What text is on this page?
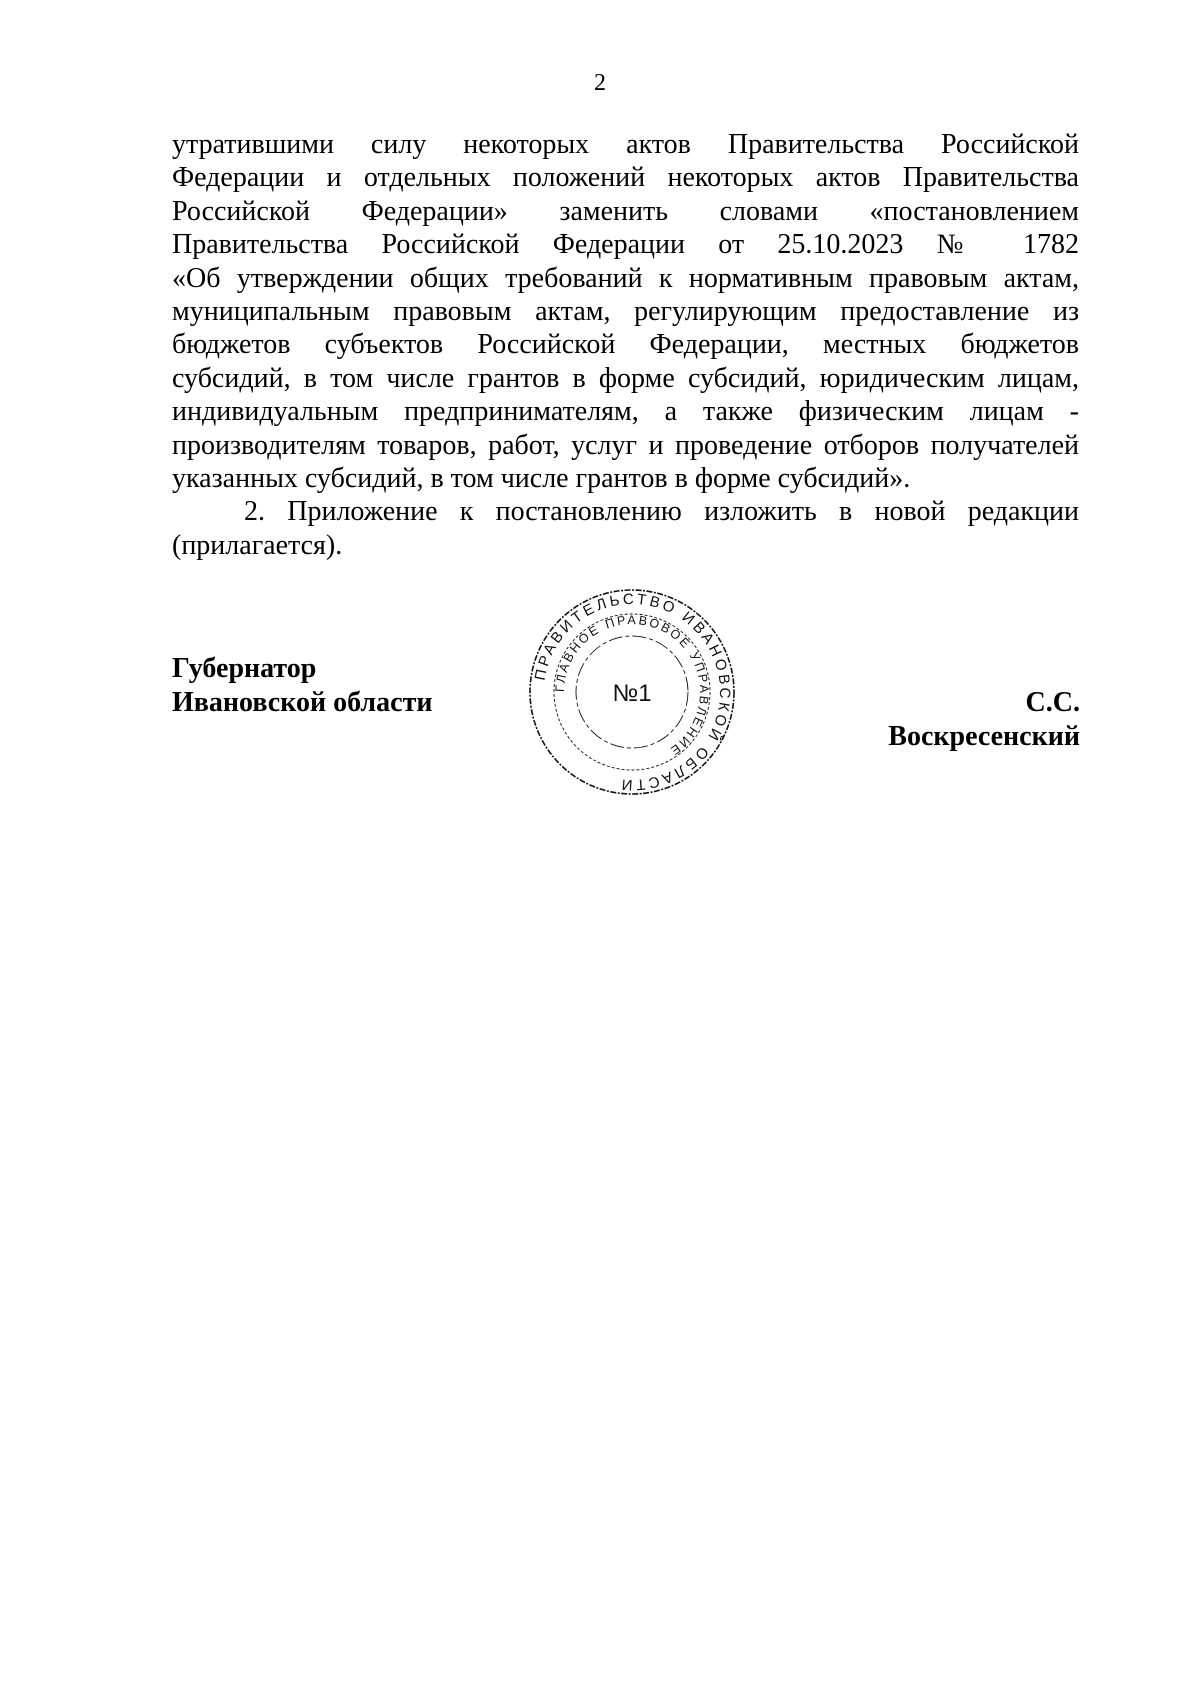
2

утратившими силу некоторых актов Правительства Российской
Федерации и отдельных положений некоторых актов Правительства
Российской Федерации» заменить словами «постановлением
Правительства Российской Федерации от 25.10.2023 № 1782
«Об утверждении общих требований к нормативным правовым актам,
муниципальным правовым актам, регулирующим предоставление из
бюджетов субъектов Российской Федерации, местных бюджетов
субсидий, в том числе грантов в форме субсидий, юридическим лицам,
индивидуальным предпринимателям, а также физическим лицам -
производителям товаров, работ, услуг и проведение отборов получателей
указанных субсидий, в том числе грантов в форме субсидий».

2. Приложение к постановлению изложить в новой редакции
(прилагается).

Губернатор
Ивановской области	С.С. Воскресенский
ПРАВИТЕЛЬСТВО ИВАНОВСКОЙ ОБЛАСТИ
ГЛАВНОЕ ПРАВОВОЕ УПРАВЛЕНИЕ
№1
